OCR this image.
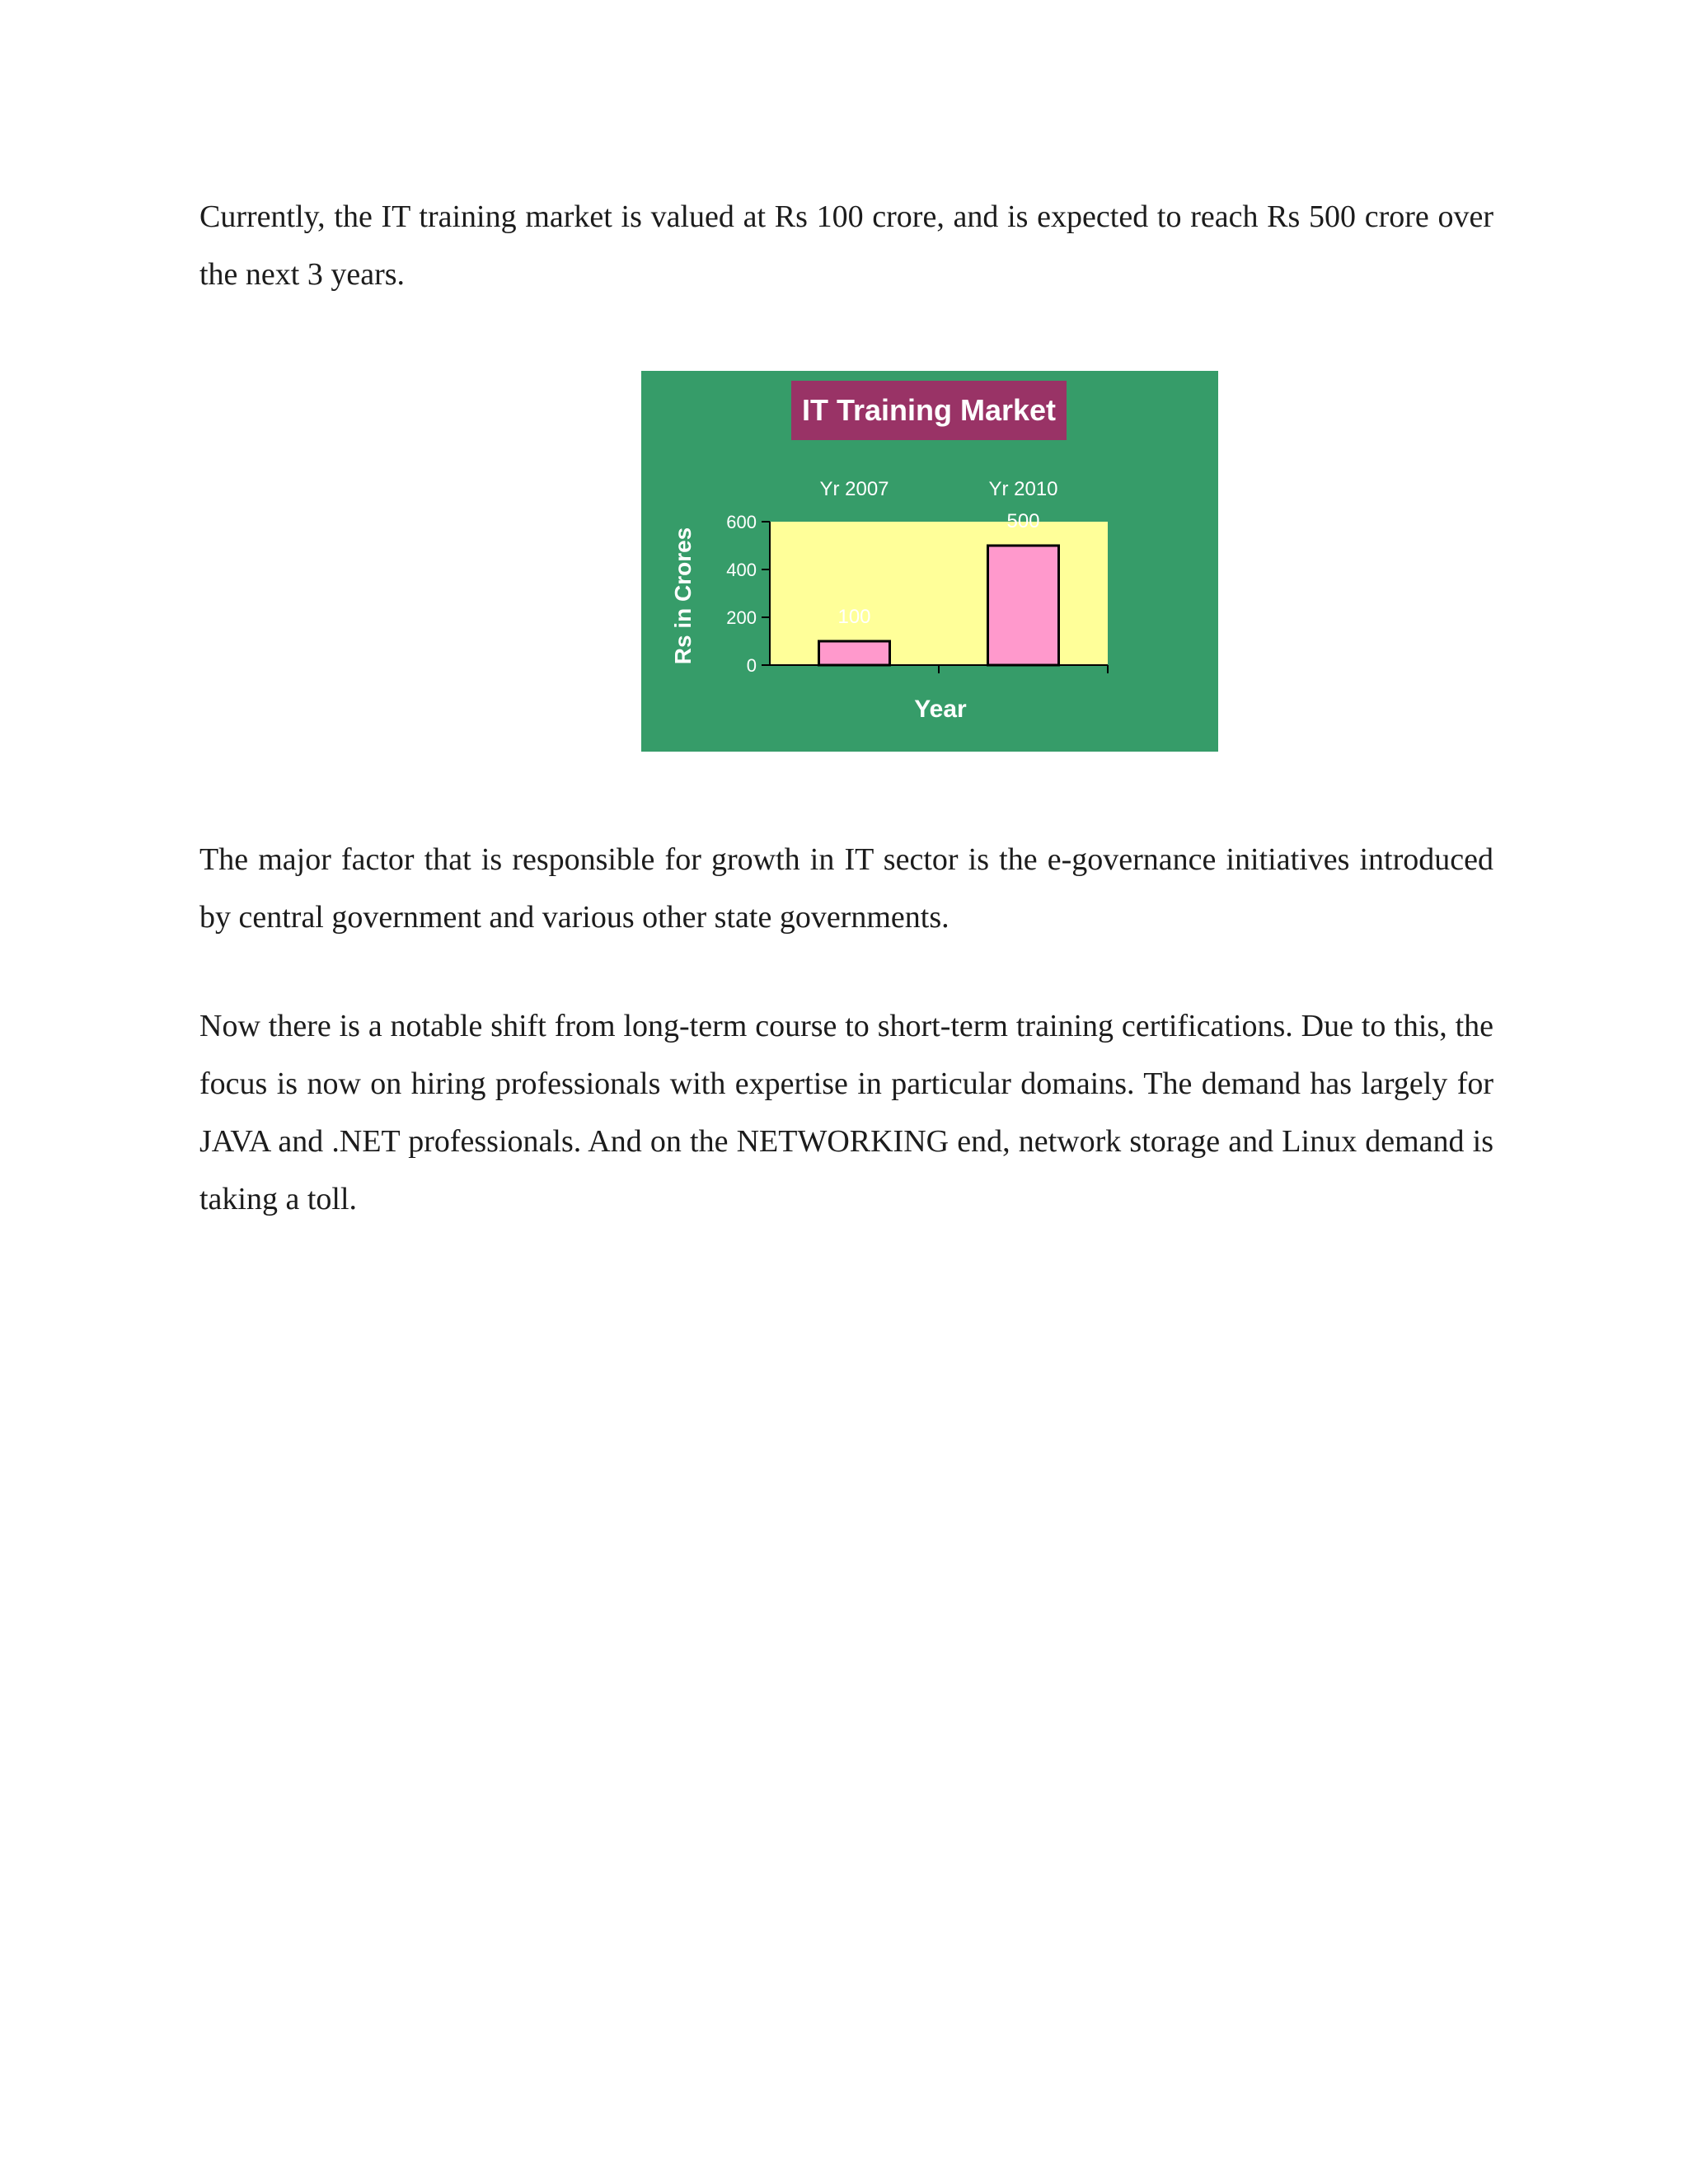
Currently, the IT training market is valued at Rs 100 crore, and is expected to reach Rs 500 crore over the next 3 years.

IT Training Market
Rs in Crores
Year
0
200
400
600
100
Yr 2007
500
Yr 2010

The major factor that is responsible for growth in IT sector is the e-governance initiatives introduced by central government and various other state governments.

Now there is a notable shift from long-term course to short-term training certifications. Due to this, the focus is now on hiring professionals with expertise in particular domains. The demand has largely for JAVA and .NET professionals. And on the NETWORKING end, network storage and Linux demand is taking a toll.
